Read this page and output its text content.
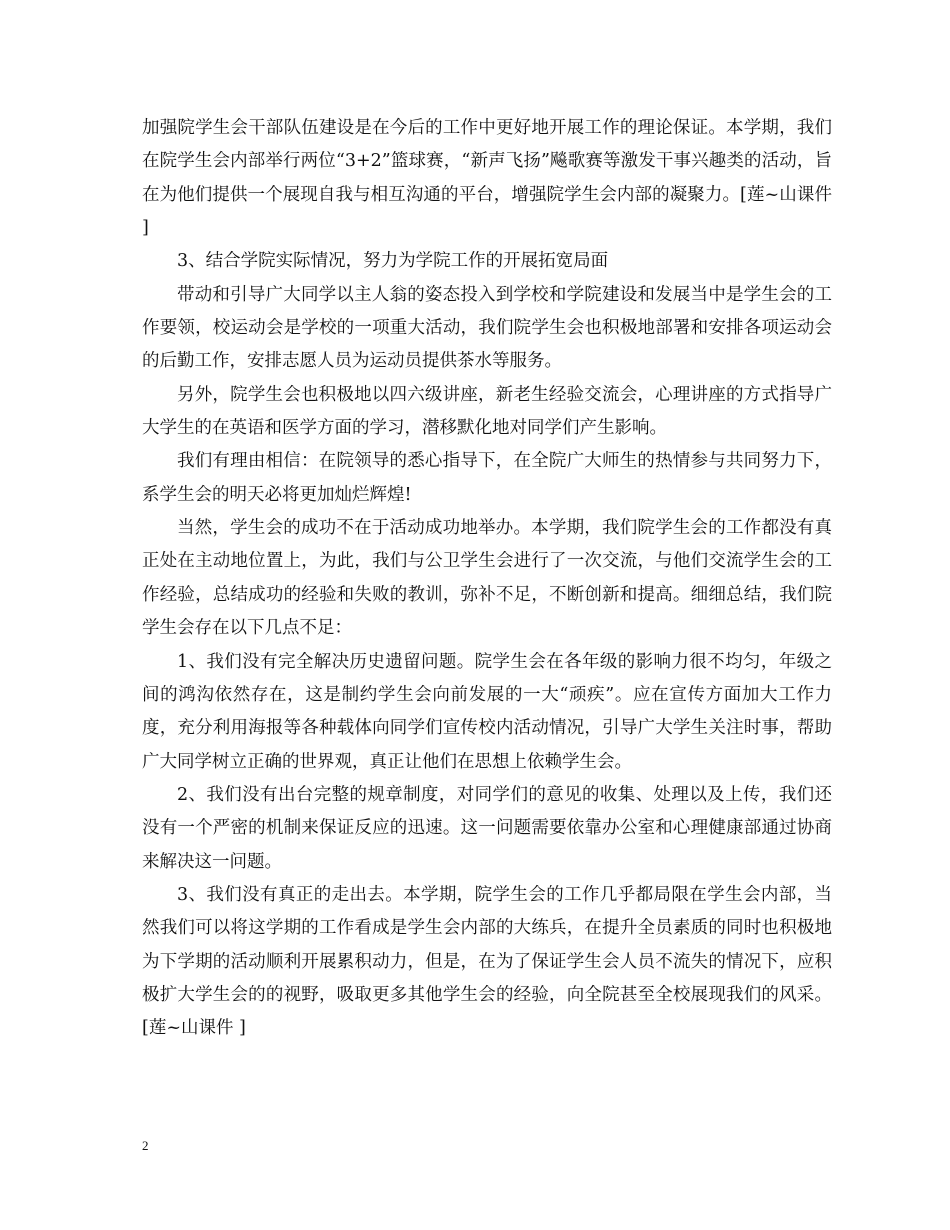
加强院学生会干部队伍建设是在今后的工作中更好地开展工作的理论保证。本学期，我们在院学生会内部举行两位“3+2”篮球赛，“新声飞扬”飚歌赛等激发干事兴趣类的活动，旨在为他们提供一个展现自我与相互沟通的平台，增强院学生会内部的凝聚力。[莲~山课件 ]

3、结合学院实际情况，努力为学院工作的开展拓宽局面

带动和引导广大同学以主人翁的姿态投入到学校和学院建设和发展当中是学生会的工作要领，校运动会是学校的一项重大活动，我们院学生会也积极地部署和安排各项运动会的后勤工作，安排志愿人员为运动员提供茶水等服务。

另外，院学生会也积极地以四六级讲座，新老生经验交流会，心理讲座的方式指导广大学生的在英语和医学方面的学习，潜移默化地对同学们产生影响。

我们有理由相信：在院领导的悉心指导下，在全院广大师生的热情参与共同努力下，系学生会的明天必将更加灿烂辉煌!

当然，学生会的成功不在于活动成功地举办。本学期，我们院学生会的工作都没有真正处在主动地位置上，为此，我们与公卫学生会进行了一次交流，与他们交流学生会的工作经验，总结成功的经验和失败的教训，弥补不足，不断创新和提高。细细总结，我们院学生会存在以下几点不足：

1、我们没有完全解决历史遗留问题。院学生会在各年级的影响力很不均匀，年级之间的鸿沟依然存在，这是制约学生会向前发展的一大“顽疾”。应在宣传方面加大工作力度，充分利用海报等各种载体向同学们宣传校内活动情况，引导广大学生关注时事，帮助广大同学树立正确的世界观，真正让他们在思想上依赖学生会。

2、我们没有出台完整的规章制度，对同学们的意见的收集、处理以及上传，我们还没有一个严密的机制来保证反应的迅速。这一问题需要依靠办公室和心理健康部通过协商来解决这一问题。

3、我们没有真正的走出去。本学期，院学生会的工作几乎都局限在学生会内部，当然我们可以将这学期的工作看成是学生会内部的大练兵，在提升全员素质的同时也积极地为下学期的活动顺利开展累积动力，但是，在为了保证学生会人员不流失的情况下，应积极扩大学生会的的视野，吸取更多其他学生会的经验，向全院甚至全校展现我们的风采。[莲~山课件 ]

2
